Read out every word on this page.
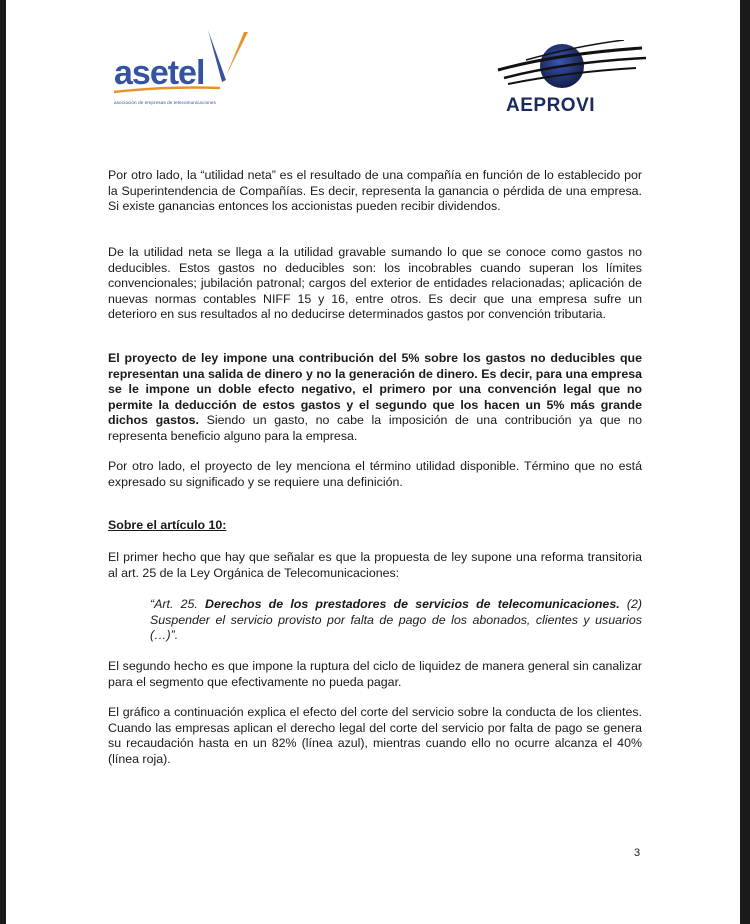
asetel
asociación de empresas de telecomunicaciones	AEPROVI

Por otro lado, la “utilidad neta” es el resultado de una compañía en función de lo establecido por la Superintendencia de Compañías. Es decir, representa la ganancia o pérdida de una empresa. Si existe ganancias entonces los accionistas pueden recibir dividendos.

De la utilidad neta se llega a la utilidad gravable sumando lo que se conoce como gastos no deducibles. Estos gastos no deducibles son: los incobrables cuando superan los límites convencionales; jubilación patronal; cargos del exterior de entidades relacionadas; aplicación de nuevas normas contables NIFF 15 y 16, entre otros. Es decir que una empresa sufre un deterioro en sus resultados al no deducirse determinados gastos por convención tributaria.

El proyecto de ley impone una contribución del 5% sobre los gastos no deducibles que representan una salida de dinero y no la generación de dinero. Es decir, para una empresa se le impone un doble efecto negativo, el primero por una convención legal que no permite la deducción de estos gastos y el segundo que los hacen un 5% más grande dichos gastos. Siendo un gasto, no cabe la imposición de una contribución ya que no representa beneficio alguno para la empresa.

Por otro lado, el proyecto de ley menciona el término utilidad disponible. Término que no está expresado su significado y se requiere una definición.

Sobre el artículo 10:

El primer hecho que hay que señalar es que la propuesta de ley supone una reforma transitoria al art. 25 de la Ley Orgánica de Telecomunicaciones:

“Art. 25. Derechos de los prestadores de servicios de telecomunicaciones. (2) Suspender el servicio provisto por falta de pago de los abonados, clientes y usuarios (…)”.

El segundo hecho es que impone la ruptura del ciclo de liquidez de manera general sin canalizar para el segmento que efectivamente no pueda pagar.

El gráfico a continuación explica el efecto del corte del servicio sobre la conducta de los clientes. Cuando las empresas aplican el derecho legal del corte del servicio por falta de pago se genera su recaudación hasta en un 82% (línea azul), mientras cuando ello no ocurre alcanza el 40% (línea roja).

3
